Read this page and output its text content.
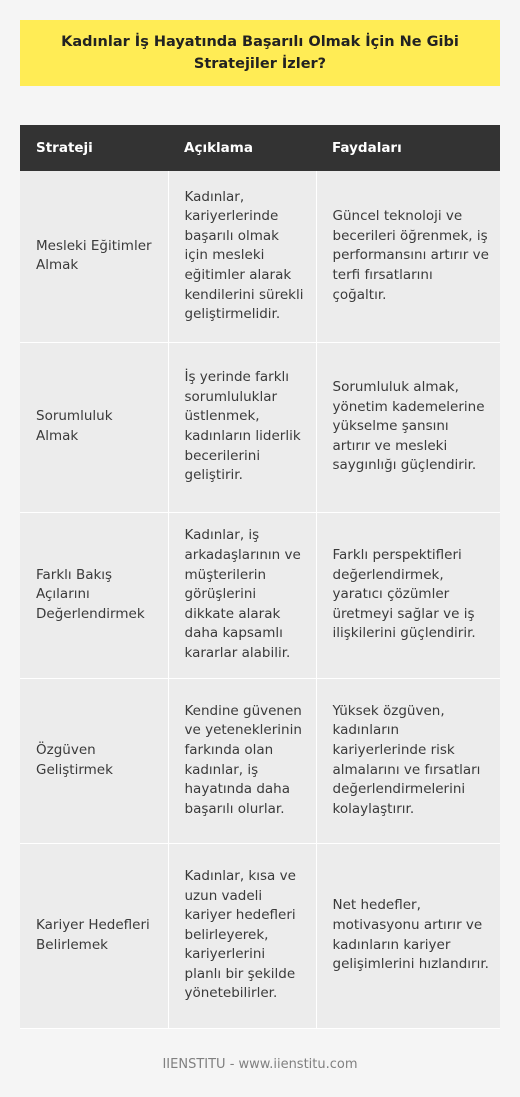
Kadınlar İş Hayatında Başarılı Olmak İçin Ne Gibi Stratejiler İzler?
Strateji	Açıklama	Faydaları
Mesleki Eğitimler Almak	Kadınlar, kariyerlerinde başarılı olmak için mesleki eğitimler alarak kendilerini sürekli geliştirmelidir.	Güncel teknoloji ve becerileri öğrenmek, iş performansını artırır ve terfi fırsatlarını çoğaltır.
Sorumluluk Almak	İş yerinde farklı sorumluluklar üstlenmek, kadınların liderlik becerilerini geliştirir.	Sorumluluk almak, yönetim kademelerine yükselme şansını artırır ve mesleki saygınlığı güçlendirir.
Farklı Bakış Açılarını Değerlendirmek	Kadınlar, iş arkadaşlarının ve müşterilerin görüşlerini dikkate alarak daha kapsamlı kararlar alabilir.	Farklı perspektifleri değerlendirmek, yaratıcı çözümler üretmeyi sağlar ve iş ilişkilerini güçlendirir.
Özgüven Geliştirmek	Kendine güvenen ve yeteneklerinin farkında olan kadınlar, iş hayatında daha başarılı olurlar.	Yüksek özgüven, kadınların kariyerlerinde risk almalarını ve fırsatları değerlendirmelerini kolaylaştırır.
Kariyer Hedefleri Belirlemek	Kadınlar, kısa ve uzun vadeli kariyer hedefleri belirleyerek, kariyerlerini planlı bir şekilde yönetebilirler.	Net hedefler, motivasyonu artırır ve kadınların kariyer gelişimlerini hızlandırır.
IIENSTITU - www.iienstitu.com
